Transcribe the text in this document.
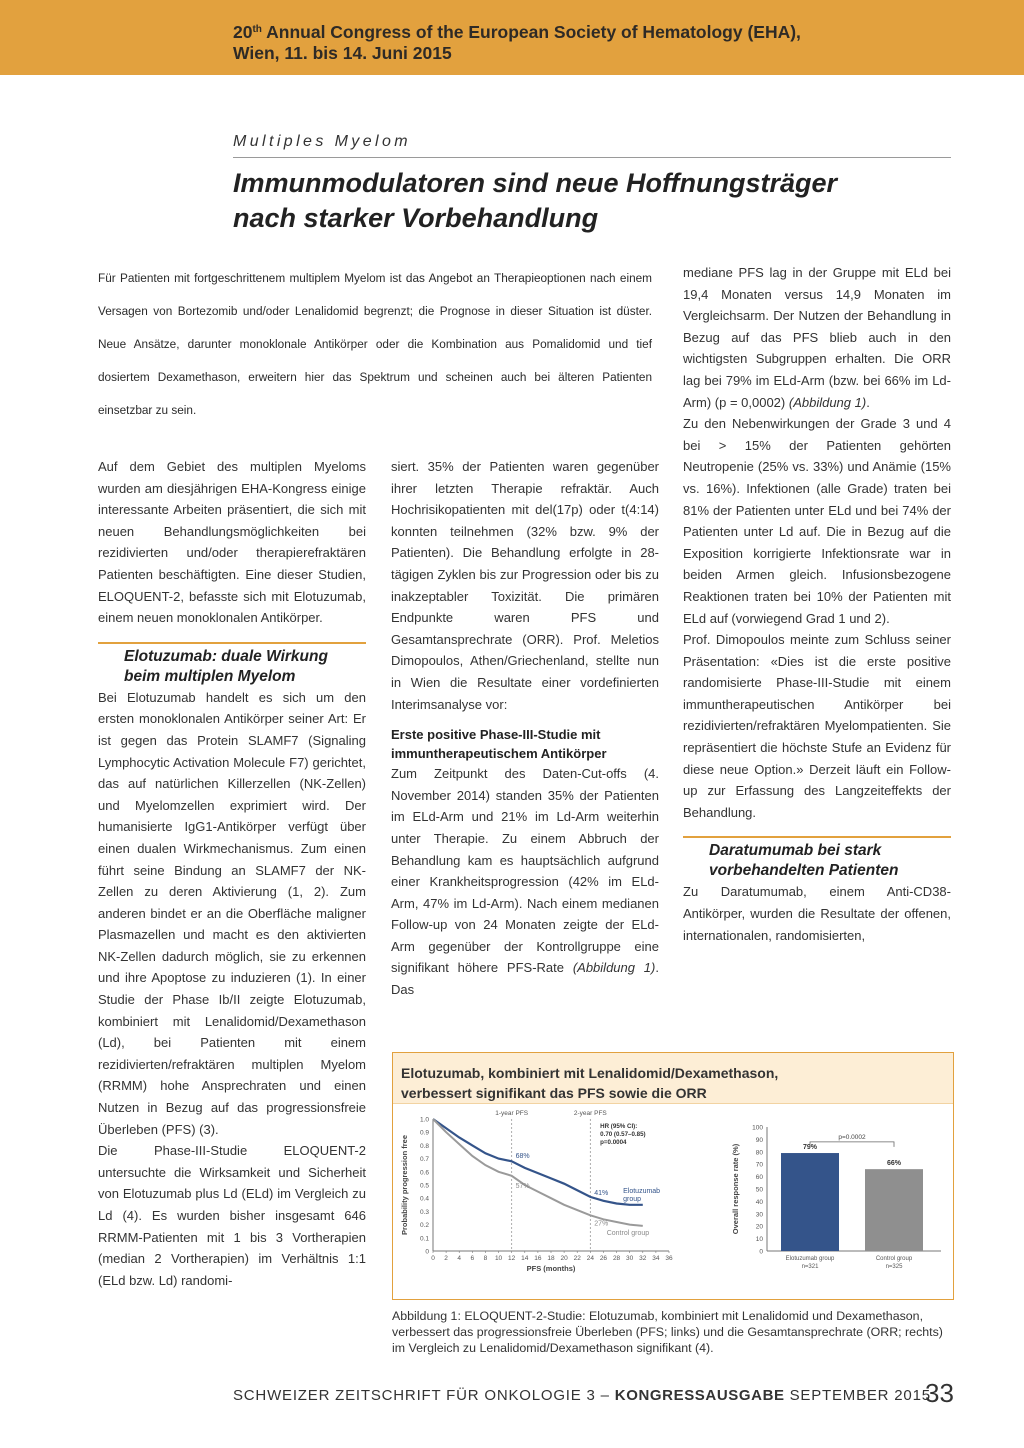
20th Annual Congress of the European Society of Hematology (EHA),
Wien, 11. bis 14. Juni 2015
Multiples Myelom
Immunmodulatoren sind neue Hoffnungsträger
nach starker Vorbehandlung
Für Patienten mit fortgeschrittenem multiplem Myelom ist das Angebot an Therapieoptionen nach einem Versagen von Bortezomib und/oder Lenalidomid begrenzt; die Prognose in dieser Situation ist düster. Neue Ansätze, darunter monoklonale Antikörper oder die Kombination aus Pomalidomid und tief dosiertem Dexamethason, erweitern hier das Spektrum und scheinen auch bei älteren Patienten einsetzbar zu sein.

Auf dem Gebiet des multiplen Myeloms wurden am diesjährigen EHA-Kongress einige interessante Arbeiten präsentiert, die sich mit neuen Behandlungsmöglichkeiten bei rezidivierten und/oder therapierefraktären Patienten beschäftigten. Eine dieser Studien, ELOQUENT-2, befasste sich mit Elotuzumab, einem neuen monoklonalen Antikörper.

Elotuzumab: duale Wirkung
beim multiplen Myelom

Bei Elotuzumab handelt es sich um den ersten monoklonalen Antikörper seiner Art: Er ist gegen das Protein SLAMF7 (Signaling Lymphocytic Activation Molecule F7) gerichtet, das auf natürlichen Killerzellen (NK-Zellen) und Myelomzellen exprimiert wird. Der humanisierte IgG1-Antikörper verfügt über einen dualen Wirkmechanismus. Zum einen führt seine Bindung an SLAMF7 der NK-Zellen zu deren Aktivierung (1, 2). Zum anderen bindet er an die Oberfläche maligner Plasmazellen und macht es den aktivierten NK-Zellen dadurch möglich, sie zu erkennen und ihre Apoptose zu induzieren (1). In einer Studie der Phase Ib/II zeigte Elotuzumab, kombiniert mit Lenalidomid/Dexamethason (Ld), bei Patienten mit einem rezidivierten/refraktären multiplen Myelom (RRMM) hohe Ansprechraten und einen Nutzen in Bezug auf das progressionsfreie Überleben (PFS) (3).

Die Phase-III-Studie ELOQUENT-2 untersuchte die Wirksamkeit und Sicherheit von Elotuzumab plus Ld (ELd) im Vergleich zu Ld (4). Es wurden bisher insgesamt 646 RRMM-Patienten mit 1 bis 3 Vortherapien (median 2 Vortherapien) im Verhältnis 1:1 (ELd bzw. Ld) randomi-

siert. 35% der Patienten waren gegenüber ihrer letzten Therapie refraktär. Auch Hochrisikopatienten mit del(17p) oder t(4:14) konnten teilnehmen (32% bzw. 9% der Patienten). Die Behandlung erfolgte in 28-tägigen Zyklen bis zur Progression oder bis zu inakzeptabler Toxizität. Die primären Endpunkte waren PFS und Gesamtansprechrate (ORR). Prof. Meletios Dimopoulos, Athen/Griechenland, stellte nun in Wien die Resultate einer vordefinierten Interimsanalyse vor:

Erste positive Phase-III-Studie mit
immuntherapeutischem Antikörper

Zum Zeitpunkt des Daten-Cut-offs (4. November 2014) standen 35% der Patienten im ELd-Arm und 21% im Ld-Arm weiterhin unter Therapie. Zu einem Abbruch der Behandlung kam es hauptsächlich aufgrund einer Krankheitsprogression (42% im ELd-Arm, 47% im Ld-Arm). Nach einem medianen Follow-up von 24 Monaten zeigte der ELd-Arm gegenüber der Kontrollgruppe eine signifikant höhere PFS-Rate (Abbildung 1). Das

mediane PFS lag in der Gruppe mit ELd bei 19,4 Monaten versus 14,9 Monaten im Vergleichsarm. Der Nutzen der Behandlung in Bezug auf das PFS blieb auch in den wichtigsten Subgruppen erhalten. Die ORR lag bei 79% im ELd-Arm (bzw. bei 66% im Ld-Arm) (p = 0,0002) (Abbildung 1).

Zu den Nebenwirkungen der Grade 3 und 4 bei > 15% der Patienten gehörten Neutropenie (25% vs. 33%) und Anämie (15% vs. 16%). Infektionen (alle Grade) traten bei 81% der Patienten unter ELd und bei 74% der Patienten unter Ld auf. Die in Bezug auf die Exposition korrigierte Infektionsrate war in beiden Armen gleich. Infusionsbezogene Reaktionen traten bei 10% der Patienten mit ELd auf (vorwiegend Grad 1 und 2).

Prof. Dimopoulos meinte zum Schluss seiner Präsentation: «Dies ist die erste positive randomisierte Phase-III-Studie mit einem immuntherapeutischen Antikörper bei rezidivierten/refraktären Myelompatienten. Sie repräsentiert die höchste Stufe an Evidenz für diese neue Option.» Derzeit läuft ein Follow-up zur Erfassung des Langzeiteffekts der Behandlung.

Daratumumab bei stark
vorbehandelten Patienten

Zu Daratumumab, einem Anti-CD38-Antikörper, wurden die Resultate der offenen, internationalen, randomisierten,

Elotuzumab, kombiniert mit Lenalidomid/Dexamethason,
verbessert signifikant das PFS sowie die ORR
0
0.1
0.2
0.3
0.4
0.5
0.6
0.7
0.8
0.9
1.0
0 2 4 6 8 10 12 14 16 18 20 22 24 26 28 30 32 34 36
PFS (months)
Probability progression free
1-year PFS	2-year PFS
HR (95% CI):
0.70 (0.57–0.85)
p=0.0004
68%
57%
41%
27%
Elotuzumab
group
Control group
0
10
20
30
40
50
60
70
80
90
100
Overall response rate (%)	79%
Elotuzumab group
n=321
66%
Control group
n=325
p=0.0002
Abbildung 1: ELOQUENT-2-Studie: Elotuzumab, kombiniert mit Lenalidomid und Dexamethason, verbessert das progressionsfreie Überleben (PFS; links) und die Gesamtansprechrate (ORR; rechts) im Vergleich zu Lenalidomid/Dexamethason signifikant (4).
SCHWEIZER ZEITSCHRIFT FÜR ONKOLOGIE 3 – KONGRESSAUSGABE SEPTEMBER 2015
33
